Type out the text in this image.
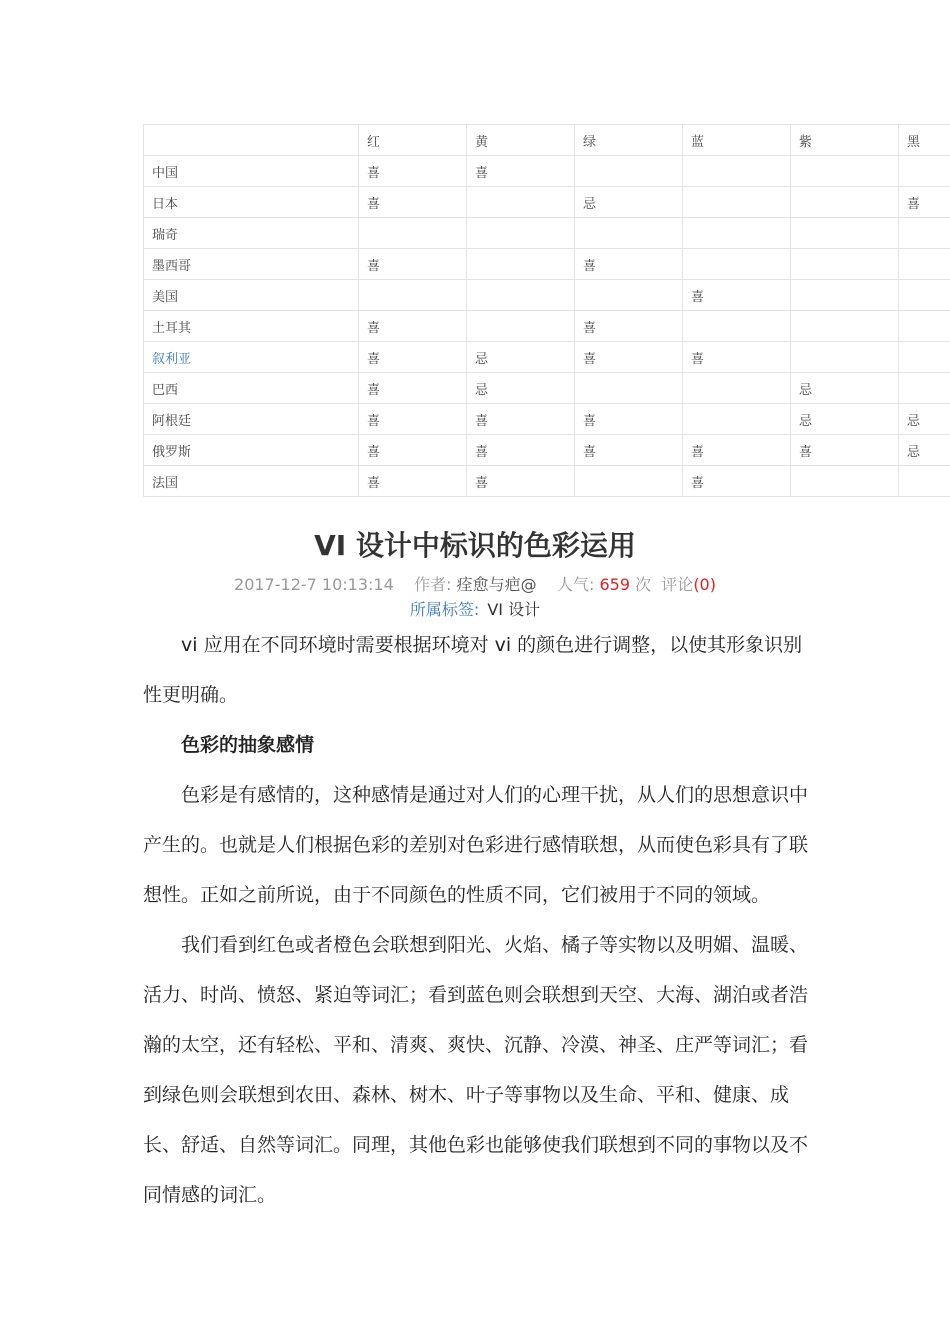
	红	黄	绿	蓝	紫	黑
中国	喜	喜				
日本	喜		忌			喜
瑞奇						
墨西哥	喜		喜			
美国				喜		
土耳其	喜		喜			
叙利亚	喜	忌	喜	喜		
巴西	喜	忌			忌	
阿根廷	喜	喜	喜		忌	忌
俄罗斯	喜	喜	喜	喜	喜	忌
法国	喜	喜		喜		
VI 设计中标识的色彩运用
2017-12-7 10:13:14 作者: 痊愈与疤@ 人气: 659 次 评论(0)
所属标签: VI 设计

vi 应用在不同环境时需要根据环境对 vi 的颜色进行调整，以使其形象识别性更明确。

色彩的抽象感情

色彩是有感情的，这种感情是通过对人们的心理干扰，从人们的思想意识中产生的。也就是人们根据色彩的差别对色彩进行感情联想，从而使色彩具有了联想性。正如之前所说，由于不同颜色的性质不同，它们被用于不同的领域。

我们看到红色或者橙色会联想到阳光、火焰、橘子等实物以及明媚、温暖、活力、时尚、愤怒、紧迫等词汇；看到蓝色则会联想到天空、大海、湖泊或者浩瀚的太空，还有轻松、平和、清爽、爽快、沉静、冷漠、神圣、庄严等词汇；看到绿色则会联想到农田、森林、树木、叶子等事物以及生命、平和、健康、成长、舒适、自然等词汇。同理，其他色彩也能够使我们联想到不同的事物以及不同情感的词汇。
